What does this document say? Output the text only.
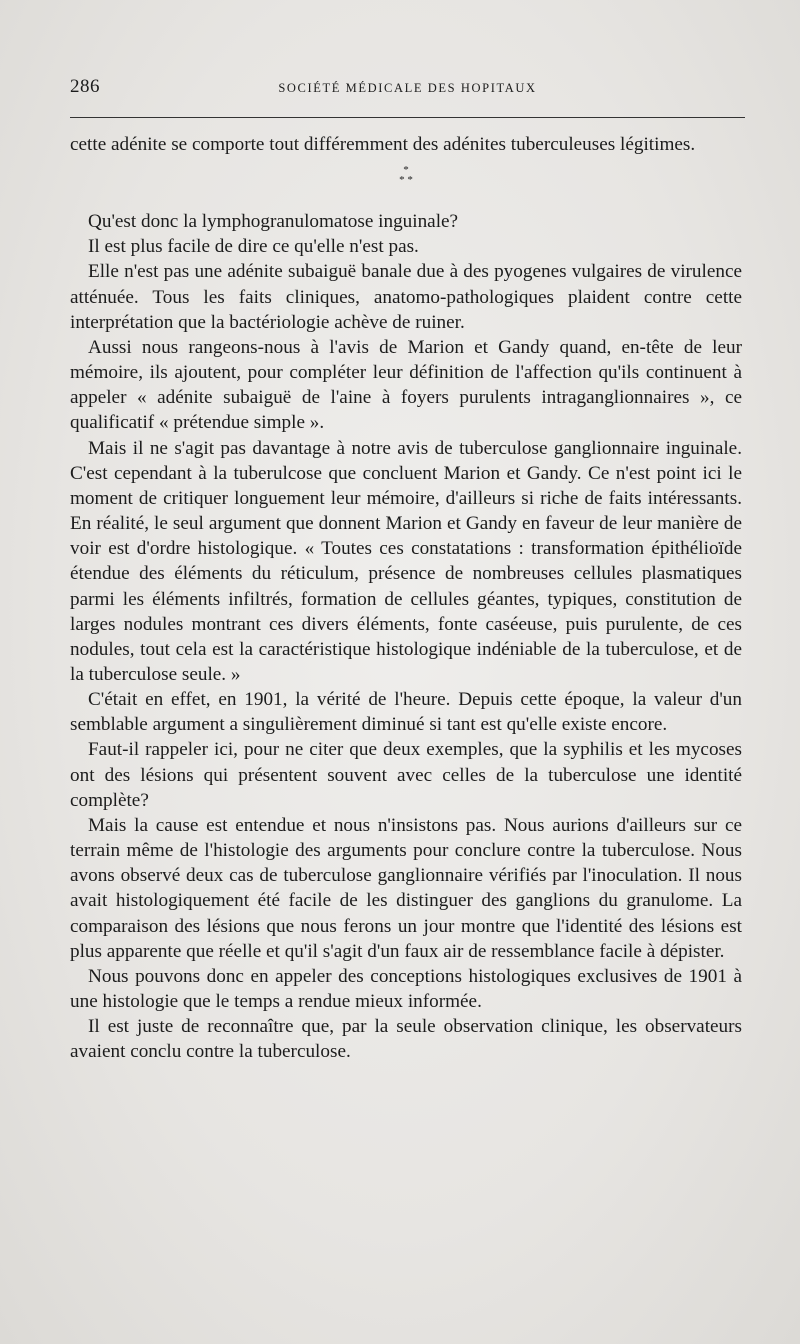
286	SOCIÉTÉ MÉDICALE DES HOPITAUX

cette adénite se comporte tout différemment des adénites tuberculeuses légitimes.

*
* *

Qu'est donc la lymphogranulomatose inguinale?

Il est plus facile de dire ce qu'elle n'est pas.

Elle n'est pas une adénite subaiguë banale due à des pyogenes vulgaires de virulence atténuée. Tous les faits cliniques, anatomo-pathologiques plaident contre cette interprétation que la bactériologie achève de ruiner.

Aussi nous rangeons-nous à l'avis de Marion et Gandy quand, en-tête de leur mémoire, ils ajoutent, pour compléter leur définition de l'affection qu'ils continuent à appeler « adénite subaiguë de l'aine à foyers purulents intraganglionnaires », ce qualificatif « prétendue simple ».

Mais il ne s'agit pas davantage à notre avis de tuberculose ganglionnaire inguinale. C'est cependant à la tuberulcose que concluent Marion et Gandy. Ce n'est point ici le moment de critiquer longuement leur mémoire, d'ailleurs si riche de faits intéressants. En réalité, le seul argument que donnent Marion et Gandy en faveur de leur manière de voir est d'ordre histologique. « Toutes ces constatations : transformation épithélioïde étendue des éléments du réticulum, présence de nombreuses cellules plasmatiques parmi les éléments infiltrés, formation de cellules géantes, typiques, constitution de larges nodules montrant ces divers éléments, fonte caséeuse, puis purulente, de ces nodules, tout cela est la caractéristique histologique indéniable de la tuberculose, et de la tuberculose seule. »

C'était en effet, en 1901, la vérité de l'heure. Depuis cette époque, la valeur d'un semblable argument a singulièrement diminué si tant est qu'elle existe encore.

Faut-il rappeler ici, pour ne citer que deux exemples, que la syphilis et les mycoses ont des lésions qui présentent souvent avec celles de la tuberculose une identité complète?

Mais la cause est entendue et nous n'insistons pas. Nous aurions d'ailleurs sur ce terrain même de l'histologie des arguments pour conclure contre la tuberculose. Nous avons observé deux cas de tuberculose ganglionnaire vérifiés par l'inoculation. Il nous avait histologiquement été facile de les distinguer des ganglions du granulome. La comparaison des lésions que nous ferons un jour montre que l'identité des lésions est plus apparente que réelle et qu'il s'agit d'un faux air de ressemblance facile à dépister.

Nous pouvons donc en appeler des conceptions histologiques exclusives de 1901 à une histologie que le temps a rendue mieux informée.

Il est juste de reconnaître que, par la seule observation clinique, les observateurs avaient conclu contre la tuberculose.
